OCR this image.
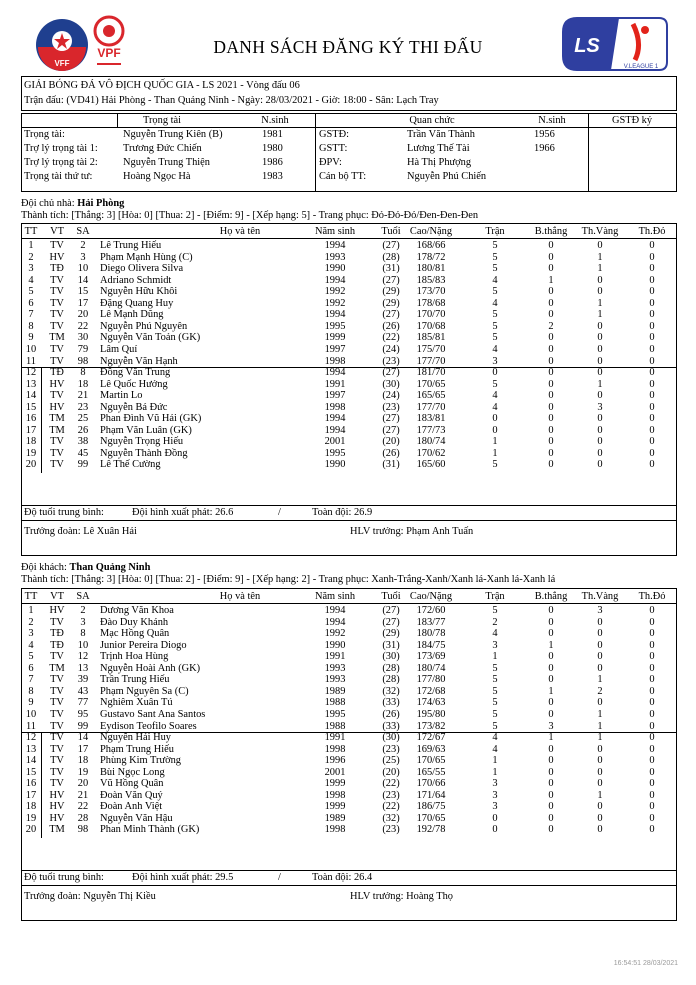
VFF
VPF	LS
V.LEAGUE 1
DANH SÁCH ĐĂNG KÝ THI ĐẤU
GIẢI BÓNG ĐÁ VÔ ĐỊCH QUỐC GIA - LS 2021 - Vòng đấu 06
Trận đấu: (VD41) Hải Phòng - Than Quảng Ninh - Ngày: 28/03/2021 - Giờ: 18:00 - Sân: Lạch Tray
Trọng tài	N.sinh	Quan chức	N.sinh	GSTĐ ký
Trọng tài:	Nguyễn Trung Kiên (B)	1981
Trợ lý trọng tài 1: Trương Đức Chiến	1980
Trợ lý trọng tài 2: Nguyễn Trung Thiện	1986
Trọng tài thứ tư:	Hoàng Ngọc Hà	1983
GSTĐ:	Trần Văn Thành	1956
GSTT:	Lương Thế Tài	1966
ĐPV:	Hà Thị Phượng
Cán bộ TT:	Nguyễn Phú Chiến
Đội chủ nhà: Hải Phòng
Thành tích: [Thắng: 3] [Hòa: 0] [Thua: 2] - [Điểm: 9] - [Xếp hạng: 5] - Trang phục: Đỏ-Đỏ-Đỏ/Đen-Đen-Đen
TT	VT	SA	Họ và tên	Năm sinh	Tuổi Cao/Nặng	Trận	B.thắng	Th.Vàng	Th.Đỏ
1	TV	2	Lê Trung Hiếu	1994	(27)	168/66	5	0	0	0
2	HV	3	Phạm Mạnh Hùng (C)	1993	(28)	178/72	5	0	1	0
3	TĐ	10	Diego Olivera Silva	1990	(31)	180/81	5	0	1	0
4	TV	14	Adriano Schmidt	1994	(27)	185/83	4	1	0	0
5	TV	15	Nguyễn Hữu Khôi	1992	(29)	173/70	5	0	0	0
6	TV	17	Đặng Quang Huy	1992	(29)	178/68	4	0	1	0
7	TV	20	Lê Mạnh Dũng	1994	(27)	170/70	5	0	1	0
8	TV	22	Nguyễn Phú Nguyên	1995	(26)	170/68	5	2	0	0
9	TM	30	Nguyễn Văn Toản (GK)	1999	(22)	185/81	5	0	0	0
10	TV	79	Lâm Quí	1997	(24)	175/70	4	0	0	0
11	TV	98	Nguyễn Văn Hạnh	1998	(23)	177/70	3	0	0	0
12	TĐ	8	Đồng Văn Trung	1994	(27)	181/70	0	0	0	0
13	HV	18	Lê Quốc Hưởng	1991	(30)	170/65	5	0	1	0
14	TV	21	Martin Lo	1997	(24)	165/65	4	0	0	0
15	HV	23	Nguyễn Bá Đức	1998	(23)	177/70	4	0	3	0
16	TM	25	Phan Đình Vũ Hải (GK)	1994	(27)	183/81	0	0	0	0
17	TM	26	Phạm Văn Luân (GK)	1994	(27)	177/73	0	0	0	0
18	TV	38	Nguyễn Trọng Hiếu	2001	(20)	180/74	1	0	0	0
19	TV	45	Nguyễn Thành Đồng	1995	(26)	170/62	1	0	0	0
20	TV	99	Lê Thế Cường	1990	(31)	165/60	5	0	0	0
Độ tuổi trung bình:	Đội hình xuất phát: 26.6	/	Toàn đội: 26.9
Trưởng đoàn: Lê Xuân Hải	HLV trưởng: Phạm Anh Tuấn
Đội khách: Than Quảng Ninh
Thành tích: [Thắng: 3] [Hòa: 0] [Thua: 2] - [Điểm: 9] - [Xếp hạng: 2] - Trang phục: Xanh-Trắng-Xanh/Xanh lá-Xanh lá-Xanh lá
TT	VT	SA	Họ và tên	Năm sinh	Tuổi Cao/Nặng	Trận	B.thắng	Th.Vàng	Th.Đỏ
1	HV	2	Dương Văn Khoa	1994	(27)	172/60	5	0	3	0
2	TV	3	Đào Duy Khánh	1994	(27)	183/77	2	0	0	0
3	TĐ	8	Mạc Hồng Quân	1992	(29)	180/78	4	0	0	0
4	TĐ	10	Junior Pereira Diogo	1990	(31)	184/75	3	1	0	0
5	TV	12	Trịnh Hoa Hùng	1991	(30)	173/69	1	0	0	0
6	TM	13	Nguyễn Hoài Anh (GK)	1993	(28)	180/74	5	0	0	0
7	TV	39	Trần Trung Hiếu	1993	(28)	177/80	5	0	1	0
8	TV	43	Phạm Nguyên Sa (C)	1989	(32)	172/68	5	1	2	0
9	TV	77	Nghiêm Xuân Tú	1988	(33)	174/63	5	0	0	0
10	TV	95	Gustavo Sant Ana Santos	1995	(26)	195/80	5	0	1	0
11	TV	99	Eydison Teofilo Soares	1988	(33)	173/82	5	3	1	0
12	TV	14	Nguyễn Hải Huy	1991	(30)	172/67	4	1	1	0
13	TV	17	Phạm Trung Hiếu	1998	(23)	169/63	4	0	0	0
14	TV	18	Phùng Kim Trường	1996	(25)	170/65	1	0	0	0
15	TV	19	Bùi Ngọc Long	2001	(20)	165/55	1	0	0	0
16	TV	20	Vũ Hồng Quân	1999	(22)	170/66	3	0	0	0
17	HV	21	Đoàn Văn Quý	1998	(23)	171/64	3	0	1	0
18	HV	22	Đoàn Anh Việt	1999	(22)	186/75	3	0	0	0
19	HV	28	Nguyễn Văn Hậu	1989	(32)	170/65	0	0	0	0
20	TM	98	Phan Minh Thành (GK)	1998	(23)	192/78	0	0	0	0
Độ tuổi trung bình:	Đội hình xuất phát: 29.5	/	Toàn đội: 26.4
Trưởng đoàn: Nguyễn Thị Kiều	HLV trưởng: Hoàng Thọ
16:54:51 28/03/2021
